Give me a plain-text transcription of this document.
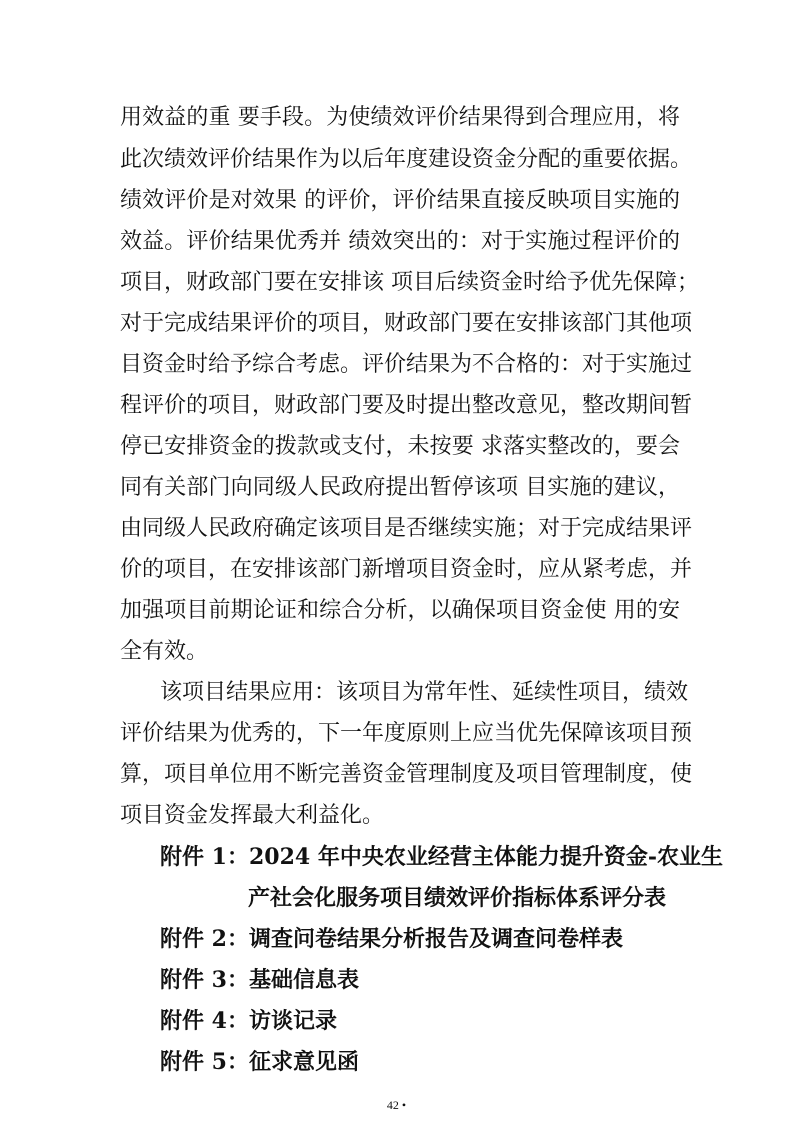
用效益的重 要手段。为使绩效评价结果得到合理应用，将
此次绩效评价结果作为以后年度建设资金分配的重要依据。
绩效评价是对效果 的评价，评价结果直接反映项目实施的
效益。评价结果优秀并 绩效突出的：对于实施过程评价的
项目，财政部门要在安排该 项目后续资金时给予优先保障；
对于完成结果评价的项目，财政部门要在安排该部门其他项
目资金时给予综合考虑。评价结果为不合格的：对于实施过
程评价的项目，财政部门要及时提出整改意见，整改期间暂
停已安排资金的拨款或支付，未按要 求落实整改的，要会
同有关部门向同级人民政府提出暂停该项 目实施的建议，
由同级人民政府确定该项目是否继续实施；对于完成结果评
价的项目，在安排该部门新增项目资金时，应从紧考虑，并
加强项目前期论证和综合分析，以确保项目资金使 用的安
全有效。
该项目结果应用：该项目为常年性、延续性项目，绩效
评价结果为优秀的，下一年度原则上应当优先保障该项目预
算，项目单位用不断完善资金管理制度及项目管理制度，使
项目资金发挥最大利益化。
附件 1：2024 年中央农业经营主体能力提升资金-农业生
产社会化服务项目绩效评价指标体系评分表
附件 2：调查问卷结果分析报告及调查问卷样表
附件 3：基础信息表
附件 4：访谈记录
附件 5：征求意见函
42 •
